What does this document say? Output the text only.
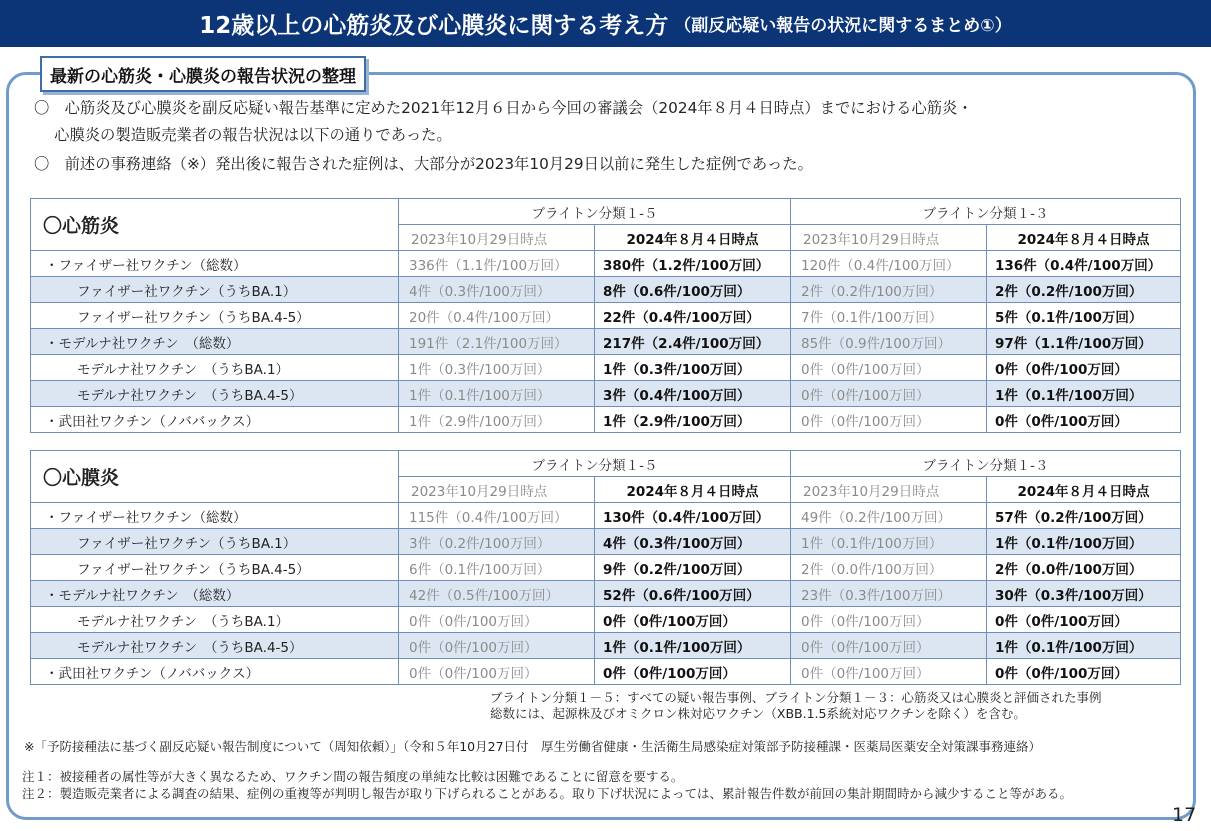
12歳以上の心筋炎及び心膜炎に関する考え方 （副反応疑い報告の状況に関するまとめ①）
最新の心筋炎・心膜炎の報告状況の整理
〇　心筋炎及び心膜炎を副反応疑い報告基準に定めた2021年12月６日から今回の審議会（2024年８月４日時点）までにおける心筋炎・
　 心膜炎の製造販売業者の報告状況は以下の通りであった。
〇　前述の事務連絡（※）発出後に報告された症例は、大部分が2023年10月29日以前に発生した症例であった。
〇心筋炎	ブライトン分類１-５		ブライトン分類１-３	
	2023年10月29日時点	2024年８月４日時点	2023年10月29日時点	2024年８月４日時点
・ファイザー社ワクチン（総数）	336件（1.1件/100万回）	380件（1.2件/100万回）	120件（0.4件/100万回）	136件（0.4件/100万回）
ファイザー社ワクチン（うちBA.1）	4件（0.3件/100万回）	8件（0.6件/100万回）	2件（0.2件/100万回）	2件（0.2件/100万回）
ファイザー社ワクチン（うちBA.4-5）	20件（0.4件/100万回）	22件（0.4件/100万回）	7件（0.1件/100万回）	5件（0.1件/100万回）
・モデルナ社ワクチン　（総数）	191件（2.1件/100万回）	217件（2.4件/100万回）	85件（0.9件/100万回）	97件（1.1件/100万回）
モデルナ社ワクチン　（うちBA.1）	1件（0.3件/100万回）	1件（0.3件/100万回）	0件（0件/100万回）	0件（0件/100万回）
モデルナ社ワクチン　（うちBA.4-5）	1件（0.1件/100万回）	3件（0.4件/100万回）	0件（0件/100万回）	1件（0.1件/100万回）
・武田社ワクチン（ノババックス）	1件（2.9件/100万回）	1件（2.9件/100万回）	0件（0件/100万回）	0件（0件/100万回）
〇心膜炎	ブライトン分類１-５		ブライトン分類１-３	
	2023年10月29日時点	2024年８月４日時点	2023年10月29日時点	2024年８月４日時点
・ファイザー社ワクチン（総数）	115件（0.4件/100万回）	130件（0.4件/100万回）	49件（0.2件/100万回）	57件（0.2件/100万回）
ファイザー社ワクチン（うちBA.1）	3件（0.2件/100万回）	4件（0.3件/100万回）	1件（0.1件/100万回）	1件（0.1件/100万回）
ファイザー社ワクチン（うちBA.4-5）	6件（0.1件/100万回）	9件（0.2件/100万回）	2件（0.0件/100万回）	2件（0.0件/100万回）
・モデルナ社ワクチン　（総数）	42件（0.5件/100万回）	52件（0.6件/100万回）	23件（0.3件/100万回）	30件（0.3件/100万回）
モデルナ社ワクチン　（うちBA.1）	0件（0件/100万回）	0件（0件/100万回）	0件（0件/100万回）	0件（0件/100万回）
モデルナ社ワクチン　（うちBA.4-5）	0件（0件/100万回）	1件（0.1件/100万回）	0件（0件/100万回）	1件（0.1件/100万回）
・武田社ワクチン（ノババックス）	0件（0件/100万回）	0件（0件/100万回）	0件（0件/100万回）	0件（0件/100万回）
ブライトン分類１－５：すべての疑い報告事例、ブライトン分類１－３：心筋炎又は心膜炎と評価された事例
総数には、起源株及びオミクロン株対応ワクチン（XBB.1.5系統対応ワクチンを除く）を含む。
※「予防接種法に基づく副反応疑い報告制度について（周知依頼）」（令和５年10月27日付　厚生労働省健康・生活衛生局感染症対策部予防接種課・医薬局医薬安全対策課事務連絡）
注１：被接種者の属性等が大きく異なるため、ワクチン間の報告頻度の単純な比較は困難であることに留意を要する。
注２：製造販売業者による調査の結果、症例の重複等が判明し報告が取り下げられることがある。取り下げ状況によっては、累計報告件数が前回の集計期間時から減少すること等がある。
17
